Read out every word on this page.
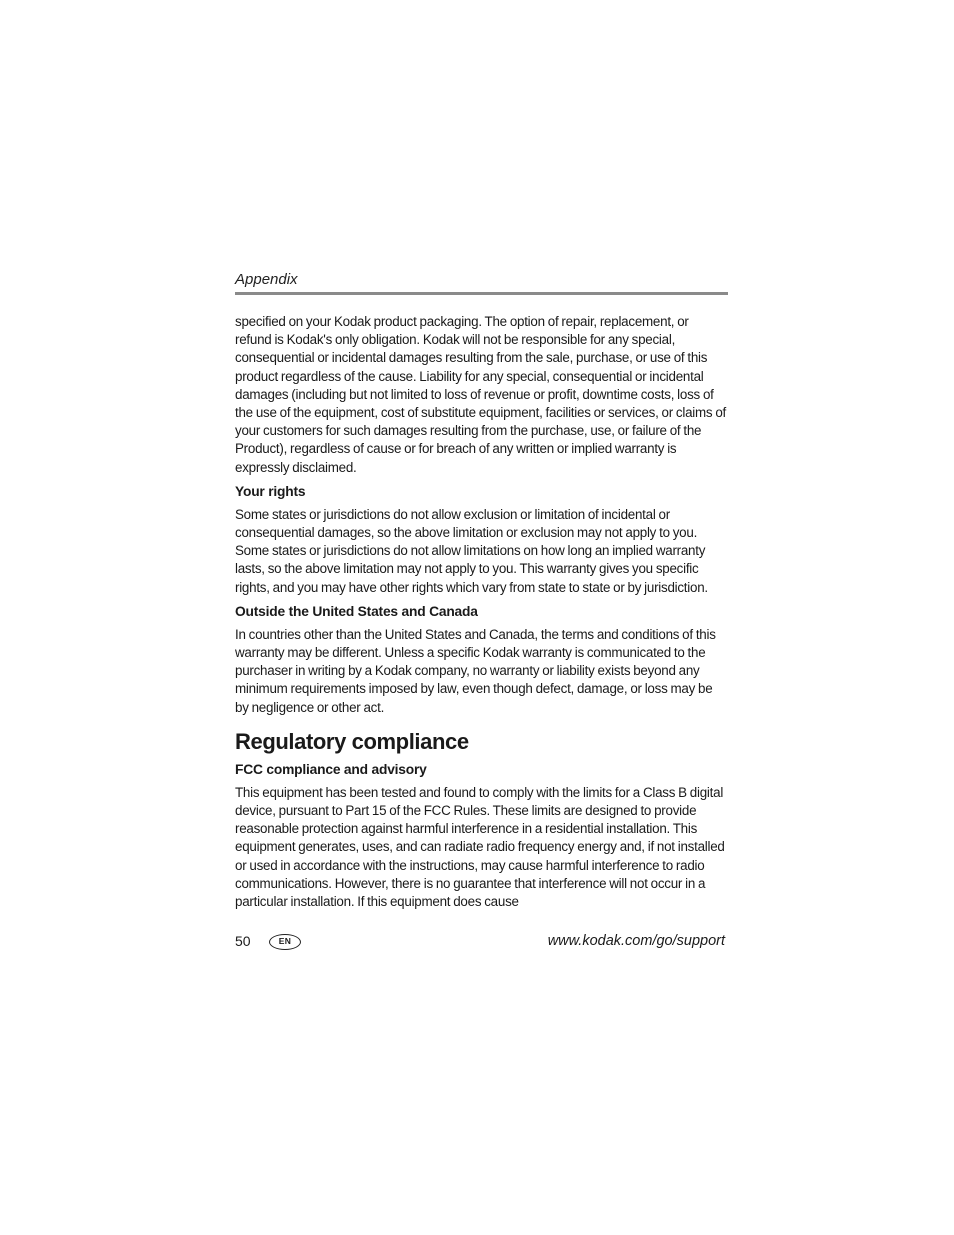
Appendix

specified on your Kodak product packaging. The option of repair, replacement, or refund is Kodak's only obligation. Kodak will not be responsible for any special, consequential or incidental damages resulting from the sale, purchase, or use of this product regardless of the cause. Liability for any special, consequential or incidental damages (including but not limited to loss of revenue or profit, downtime costs, loss of the use of the equipment, cost of substitute equipment, facilities or services, or claims of your customers for such damages resulting from the purchase, use, or failure of the Product), regardless of cause or for breach of any written or implied warranty is expressly disclaimed.

Your rights

Some states or jurisdictions do not allow exclusion or limitation of incidental or consequential damages, so the above limitation or exclusion may not apply to you. Some states or jurisdictions do not allow limitations on how long an implied warranty lasts, so the above limitation may not apply to you. This warranty gives you specific rights, and you may have other rights which vary from state to state or by jurisdiction.

Outside the United States and Canada

In countries other than the United States and Canada, the terms and conditions of this warranty may be different. Unless a specific Kodak warranty is communicated to the purchaser in writing by a Kodak company, no warranty or liability exists beyond any minimum requirements imposed by law, even though defect, damage, or loss may be by negligence or other act.

Regulatory compliance
FCC compliance and advisory

This equipment has been tested and found to comply with the limits for a Class B digital device, pursuant to Part 15 of the FCC Rules. These limits are designed to provide reasonable protection against harmful interference in a residential installation. This equipment generates, uses, and can radiate radio frequency energy and, if not installed or used in accordance with the instructions, may cause harmful interference to radio communications. However, there is no guarantee that interference will not occur in a particular installation. If this equipment does cause

50	EN	www.kodak.com/go/support
